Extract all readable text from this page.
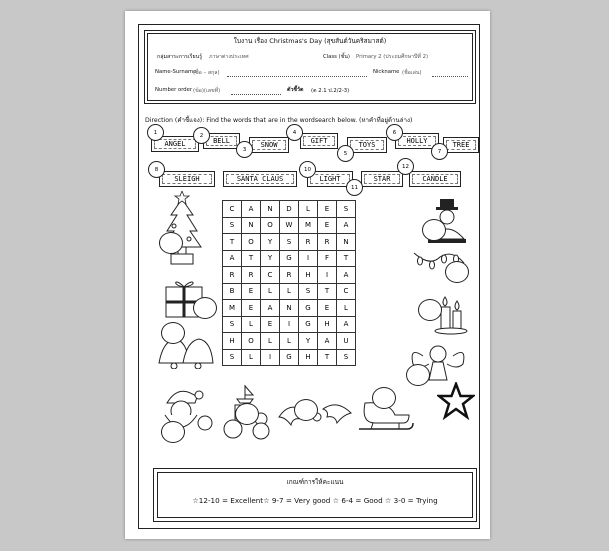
ใบงาน เรื่อง Christmas's Day (สุขสันต์วันคริสมาสต์)
กลุ่มสาระการเรียนรู้ ภาษาต่างประเทศ	Class (ชั้น) Primary 2 (ประถมศึกษาปีที่ 2)
Name-Surname
(ชื่อ – สกุล)	Nickname (ชื่อเล่น)
Number order (ข้อ)(เลขที่)	ตัวชี้วัด (ต 2.1 ป.2/2-3)
Direction (คำชี้แจง): Find the words that are in the wordsearch below. (หาคำที่อยู่ด้านล่าง)
ANGEL	BELL	SNOW	GIFT	TOYS	HOLLY	TREE
SLEIGH	SANTA CLAUS	LIGHT	STAR	CANDLE
1	2
3
4
5
6
7
8	10
11
12
C	A	N	D	L	E	S
S	N	O	W	M	E	A
T	O	Y	S	R	R	N
A	T	Y	G	I	F	T
R	R	C	R	H	I	A
B	E	L	L	S	T	C
M	E	A	N	G	E	L
S	L	E	I	G	H	A
H	O	L	L	Y	A	U
S	L	I	G	H	T	S
เกณฑ์การให้คะแนน
☆12-10 = Excellent☆ 9-7 = Very good ☆ 6-4 = Good ☆ 3-0 = Trying
